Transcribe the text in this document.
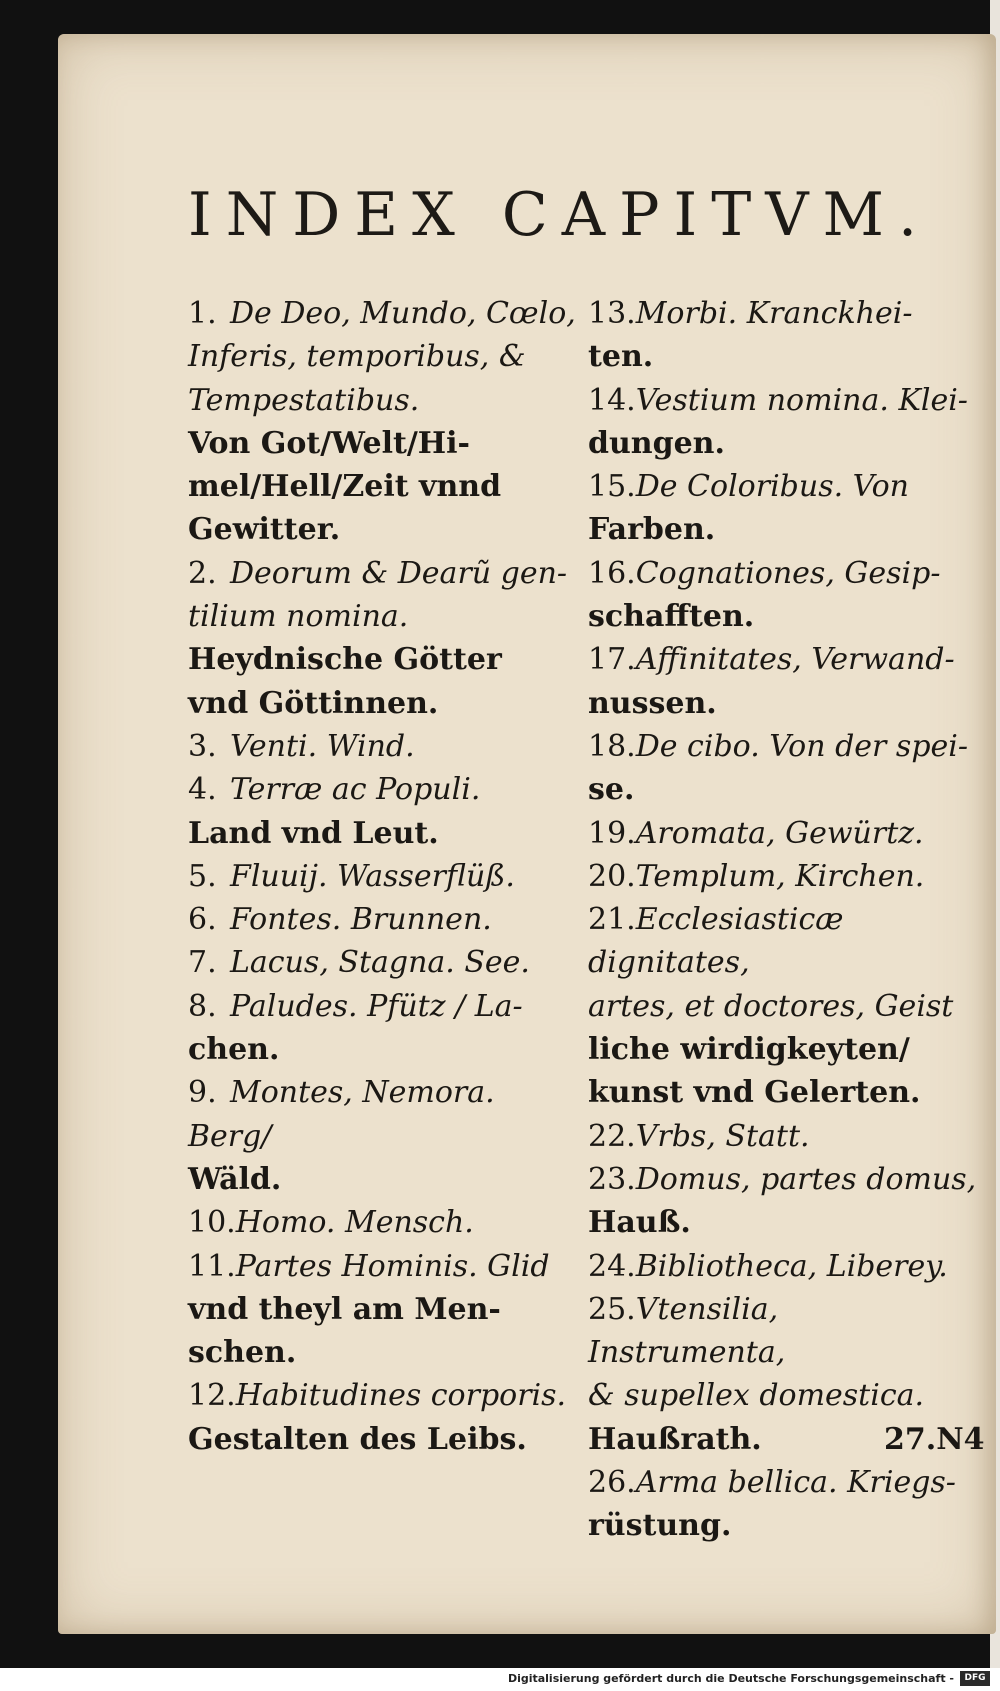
INDEX CAPITVM.
1. De Deo, Mundo, Cœlo,
Inferis, temporibus, &
Tempestatibus.
Von Got/Welt/Hi-
mel/Hell/Zeit vnnd
Gewitter.
2. Deorum & Dearũ gen-
tilium nomina.
Heydnische Götter
vnd Göttinnen.
3. Venti. Wind.
4. Terræ ac Populi.
Land vnd Leut.
5. Fluuij. Wasserflüß.
6. Fontes. Brunnen.
7. Lacus, Stagna. See.
8. Paludes. Pfütz / La-
chen.
9. Montes, Nemora. Berg/
Wäld.
10.Homo. Mensch.
11.Partes Hominis. Glid
vnd theyl am Men-
schen.
12.Habitudines corporis.
Gestalten des Leibs.
13.Morbi. Kranckhei-
ten.
14.Vestium nomina. Klei-
dungen.
15.De Coloribus. Von
Farben.
16.Cognationes, Gesip-
schafften.
17.Affinitates, Verwand-
nussen.
18.De cibo. Von der spei-
se.
19.Aromata, Gewürtz.
20.Templum, Kirchen.
21.Ecclesiasticæ dignitates,
artes, et doctores, Geist
liche wirdigkeyten/
kunst vnd Gelerten.
22.Vrbs, Statt.
23.Domus, partes domus,
Hauß.
24.Bibliotheca, Liberey.
25.Vtensilia, Instrumenta,
& supellex domestica.
Haußrath.
26.Arma bellica. Kriegs-
rüstung.
27.N4
Digitalisierung gefördert durch die Deutsche Forschungsgemeinschaft -	DFG
